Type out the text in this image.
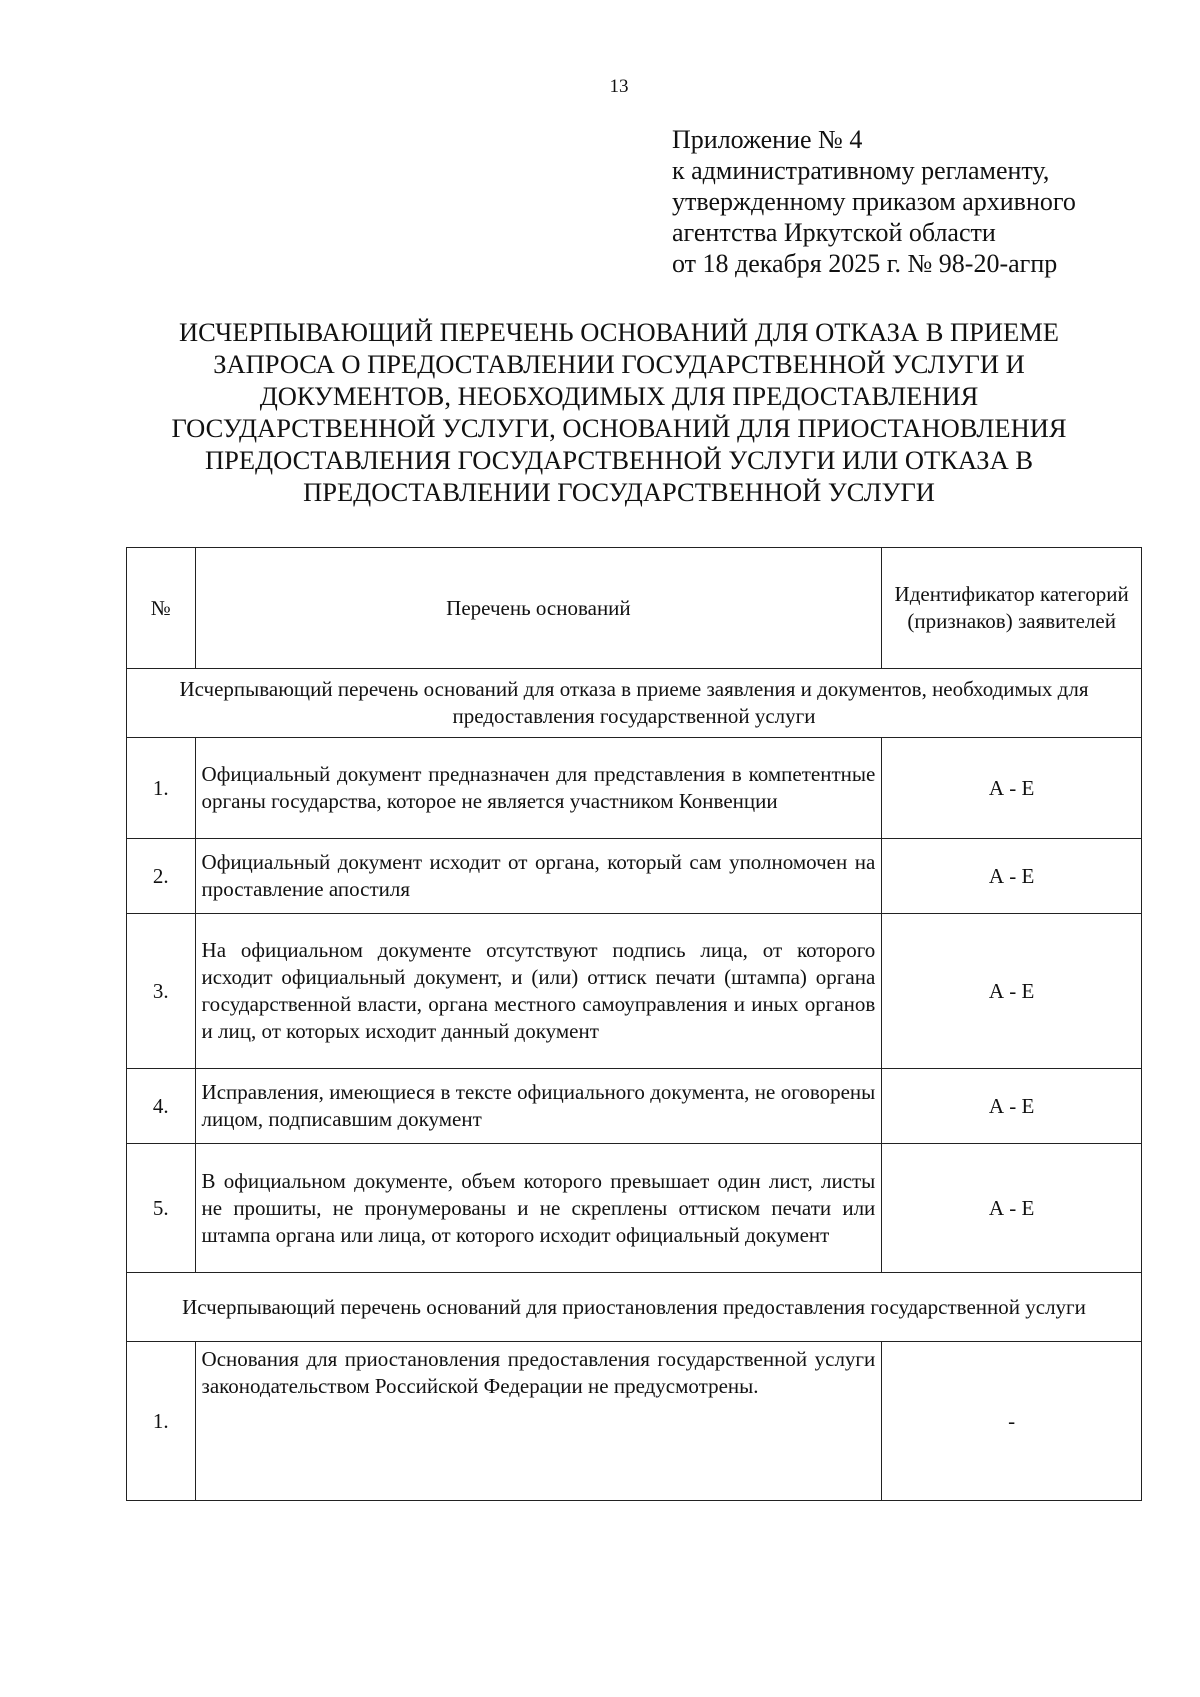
13
Приложение № 4
к административному регламенту,
утвержденному приказом архивного
агентства Иркутской области
от 18 декабря 2025 г. № 98-20-агпр
ИСЧЕРПЫВАЮЩИЙ ПЕРЕЧЕНЬ ОСНОВАНИЙ ДЛЯ ОТКАЗА В ПРИЕМЕ
ЗАПРОСА О ПРЕДОСТАВЛЕНИИ ГОСУДАРСТВЕННОЙ УСЛУГИ И
ДОКУМЕНТОВ, НЕОБХОДИМЫХ ДЛЯ ПРЕДОСТАВЛЕНИЯ
ГОСУДАРСТВЕННОЙ УСЛУГИ, ОСНОВАНИЙ ДЛЯ ПРИОСТАНОВЛЕНИЯ
ПРЕДОСТАВЛЕНИЯ ГОСУДАРСТВЕННОЙ УСЛУГИ ИЛИ ОТКАЗА В
ПРЕДОСТАВЛЕНИИ ГОСУДАРСТВЕННОЙ УСЛУГИ
№	Перечень оснований	Идентификатор категорий (признаков) заявителей
Исчерпывающий перечень оснований для отказа в приеме заявления и документов, необходимых для предоставления государственной услуги		
1.	Официальный документ предназначен для представления в компетентные органы государства, которое не является участником Конвенции	А - Е
2.	Официальный документ исходит от органа, который сам уполномочен на проставление апостиля	А - Е
3.	На официальном документе отсутствуют подпись лица, от которого исходит официальный документ, и (или) оттиск печати (штампа) органа государственной власти, органа местного самоуправления и иных органов и лиц, от которых исходит данный документ	А - Е
4.	Исправления, имеющиеся в тексте официального документа, не оговорены лицом, подписавшим документ	А - Е
5.	В официальном документе, объем которого превышает один лист, листы не прошиты, не пронумерованы и не скреплены оттиском печати или штампа органа или лица, от которого исходит официальный документ	А - Е
Исчерпывающий перечень оснований для приостановления предоставления государственной услуги		
1.	Основания для приостановления предоставления государственной услуги законодательством Российской Федерации не предусмотрены.	-
